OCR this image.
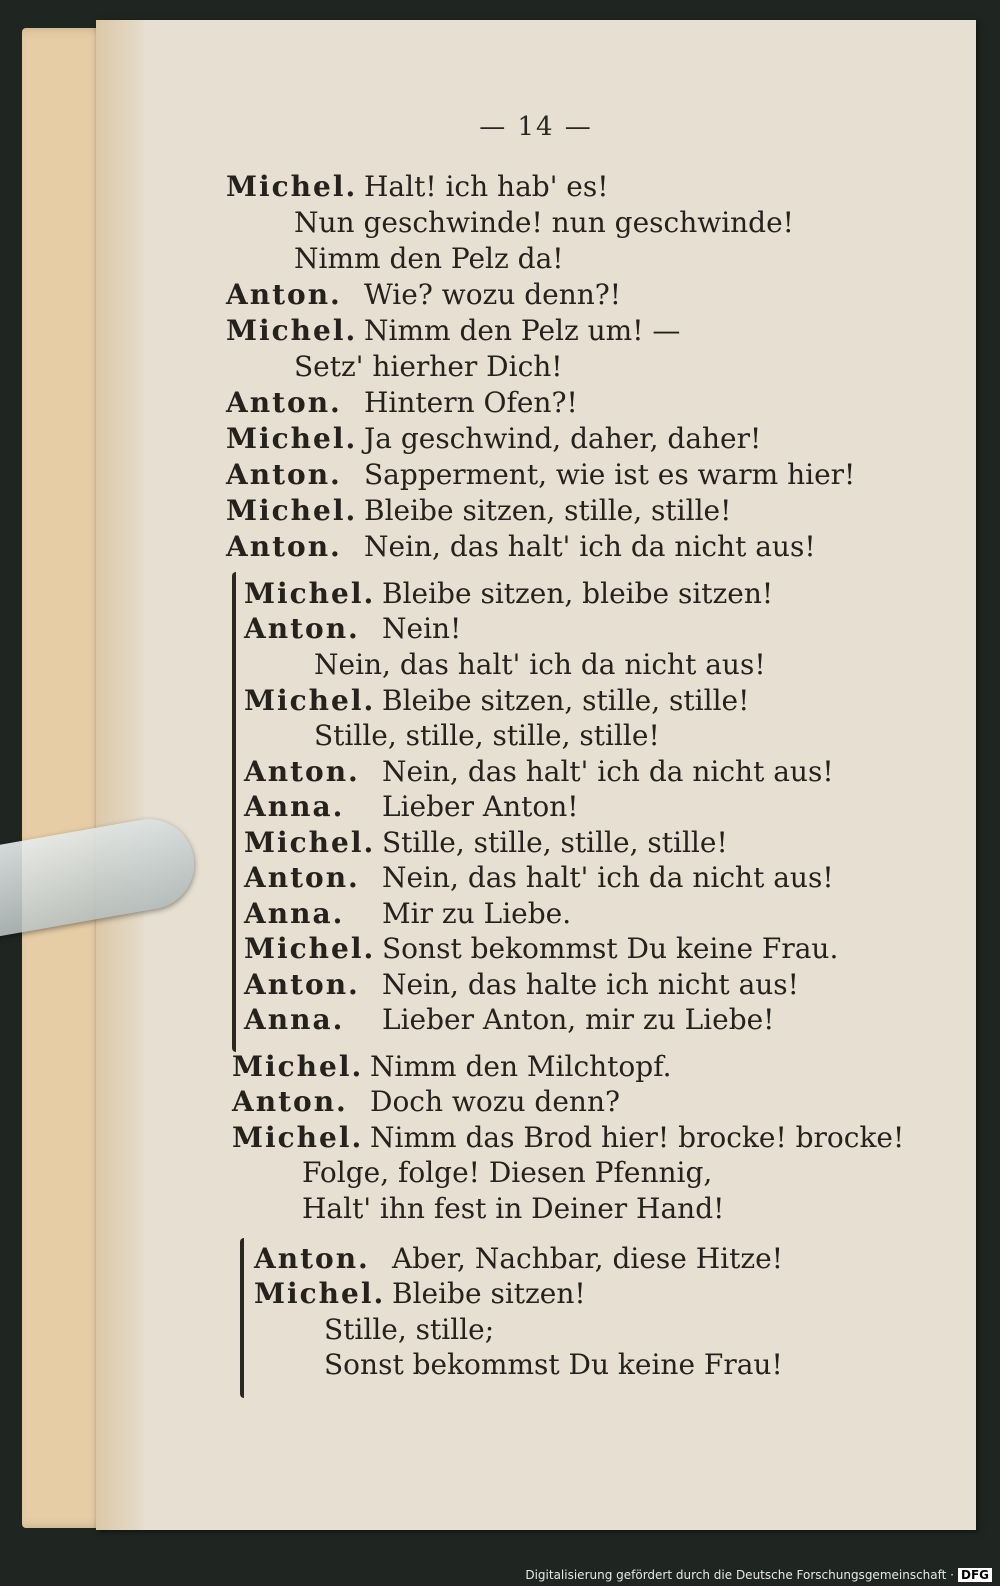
— 14 —
Michel. Halt! ich hab' es!
Nun geschwinde! nun geschwinde!
Nimm den Pelz da!
Anton. Wie? wozu denn?!
Michel. Nimm den Pelz um! —
Setz' hierher Dich!
Anton. Hintern Ofen?!
Michel. Ja geschwind, daher, daher!
Anton. Sapperment, wie ist es warm hier!
Michel. Bleibe sitzen, stille, stille!
Anton. Nein, das halt' ich da nicht aus!
Michel. Bleibe sitzen, bleibe sitzen!
Anton. Nein!
Nein, das halt' ich da nicht aus!
Michel. Bleibe sitzen, stille, stille!
Stille, stille, stille, stille!
Anton. Nein, das halt' ich da nicht aus!
Anna. Lieber Anton!
Michel. Stille, stille, stille, stille!
Anton. Nein, das halt' ich da nicht aus!
Anna. Mir zu Liebe.
Michel. Sonst bekommst Du keine Frau.
Anton. Nein, das halte ich nicht aus!
Anna. Lieber Anton, mir zu Liebe!
Michel. Nimm den Milchtopf.
Anton. Doch wozu denn?
Michel. Nimm das Brod hier! brocke! brocke!
Folge, folge! Diesen Pfennig,
Halt' ihn fest in Deiner Hand!
Anton. Aber, Nachbar, diese Hitze!
Michel. Bleibe sitzen!
Stille, stille;
Sonst bekommst Du keine Frau!
Digitalisierung gefördert durch die Deutsche Forschungsgemeinschaft · DFG
